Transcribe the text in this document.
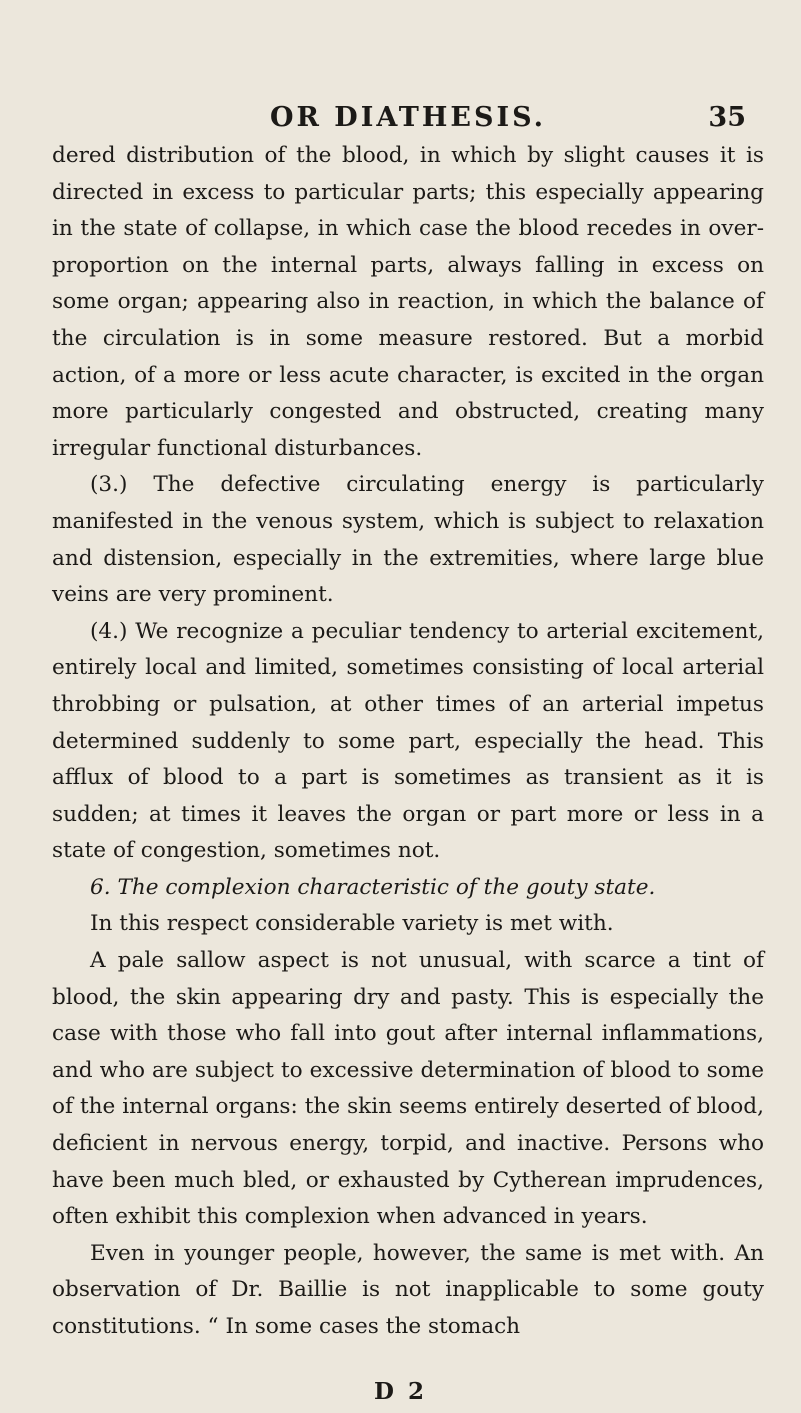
OR DIATHESIS.	35

dered distribution of the blood, in which by slight causes it is directed in excess to particular parts; this especially appearing in the state of collapse, in which case the blood recedes in over-proportion on the internal parts, always falling in excess on some organ; appearing also in reaction, in which the balance of the circulation is in some measure restored. But a morbid action, of a more or less acute character, is excited in the organ more particularly congested and obstructed, creating many irregular functional disturbances.

(3.) The defective circulating energy is particularly manifested in the venous system, which is subject to relaxation and distension, especially in the extremities, where large blue veins are very prominent.

(4.) We recognize a peculiar tendency to arterial excitement, entirely local and limited, sometimes consisting of local arterial throbbing or pulsation, at other times of an arterial impetus determined suddenly to some part, especially the head. This afflux of blood to a part is sometimes as transient as it is sudden; at times it leaves the organ or part more or less in a state of congestion, sometimes not.

6. The complexion characteristic of the gouty state.

In this respect considerable variety is met with.

A pale sallow aspect is not unusual, with scarce a tint of blood, the skin appearing dry and pasty. This is especially the case with those who fall into gout after internal inflammations, and who are subject to excessive determination of blood to some of the internal organs: the skin seems entirely deserted of blood, deficient in nervous energy, torpid, and inactive. Persons who have been much bled, or exhausted by Cytherean imprudences, often exhibit this complexion when advanced in years.

Even in younger people, however, the same is met with. An observation of Dr. Baillie is not inapplicable to some gouty constitutions. “ In some cases the stomach

D 2
